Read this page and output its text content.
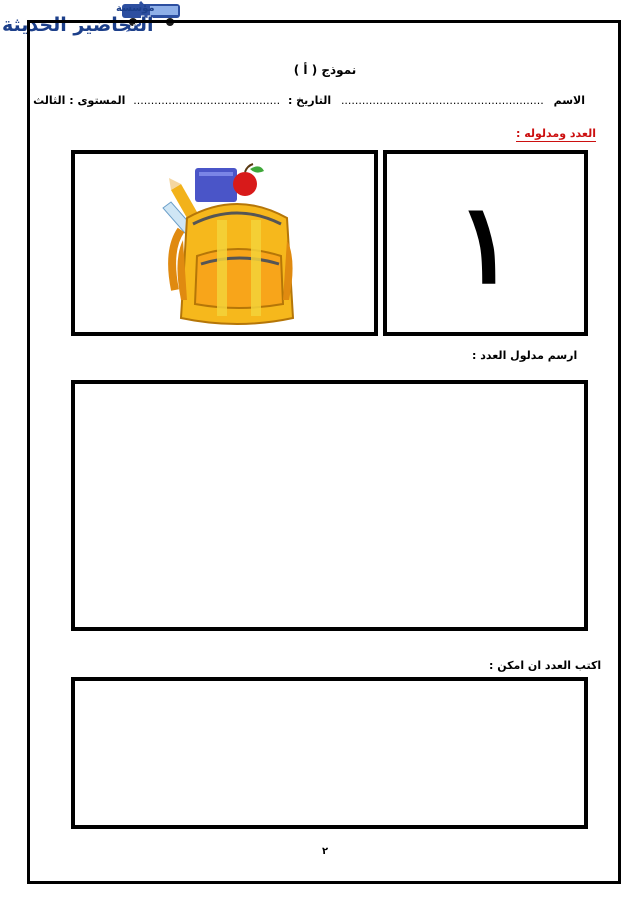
مؤسسة
التحاضير الحديثة
نموذج ( أ )
الاسم .......................................................... التاريخ : .......................................... المستوى : الثالث
العدد ومدلوله :
١
ارسم مدلول العدد :
اكتب العدد ان امكن :
٢
